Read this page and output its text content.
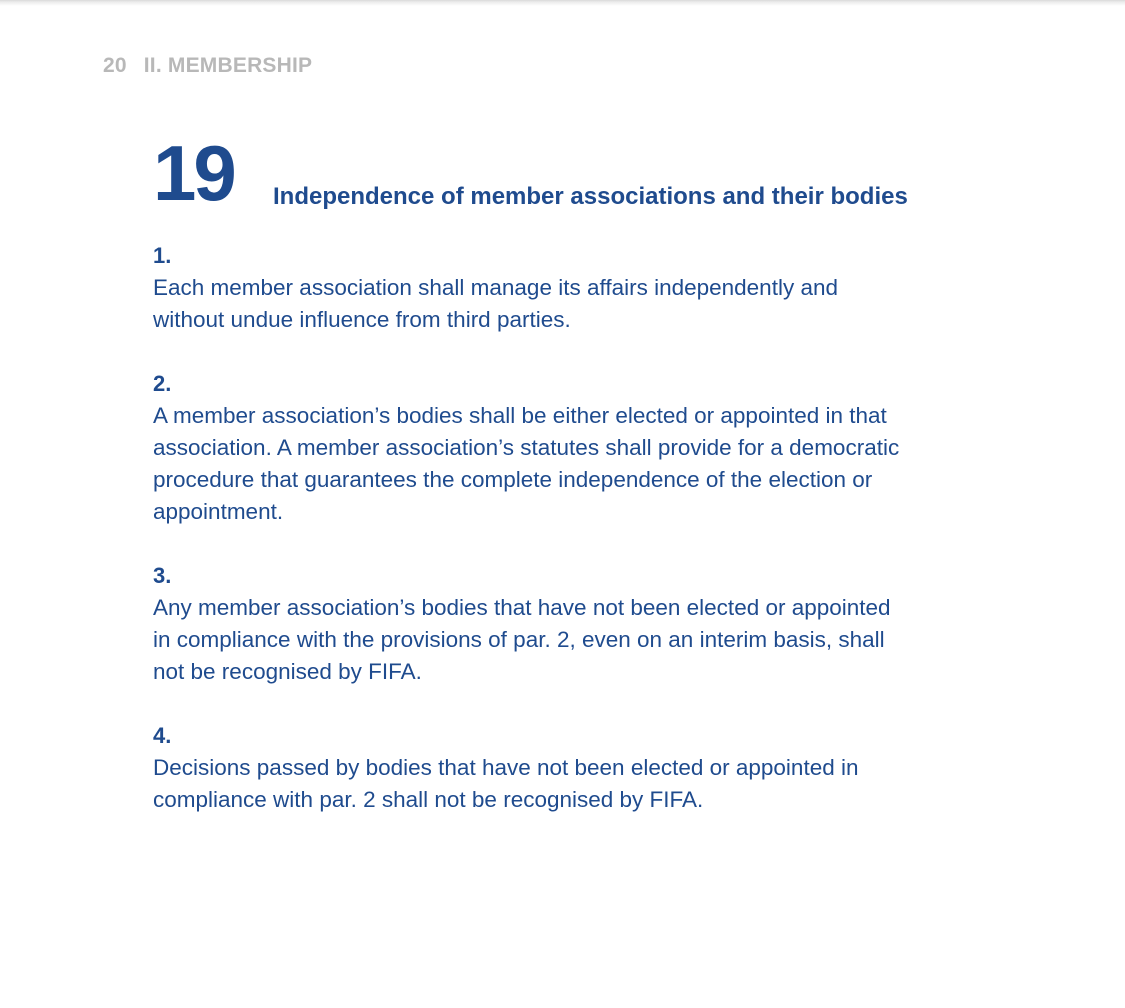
20 II. MEMBERSHIP
19 Independence of member associations and their bodies
1.
Each member association shall manage its affairs independently and
without undue influence from third parties.
2.
A member association’s bodies shall be either elected or appointed in that
association. A member association’s statutes shall provide for a democratic
procedure that guarantees the complete independence of the election or
appointment.
3.
Any member association’s bodies that have not been elected or appointed
in compliance with the provisions of par. 2, even on an interim basis, shall
not be recognised by FIFA.
4.
Decisions passed by bodies that have not been elected or appointed in
compliance with par. 2 shall not be recognised by FIFA.
